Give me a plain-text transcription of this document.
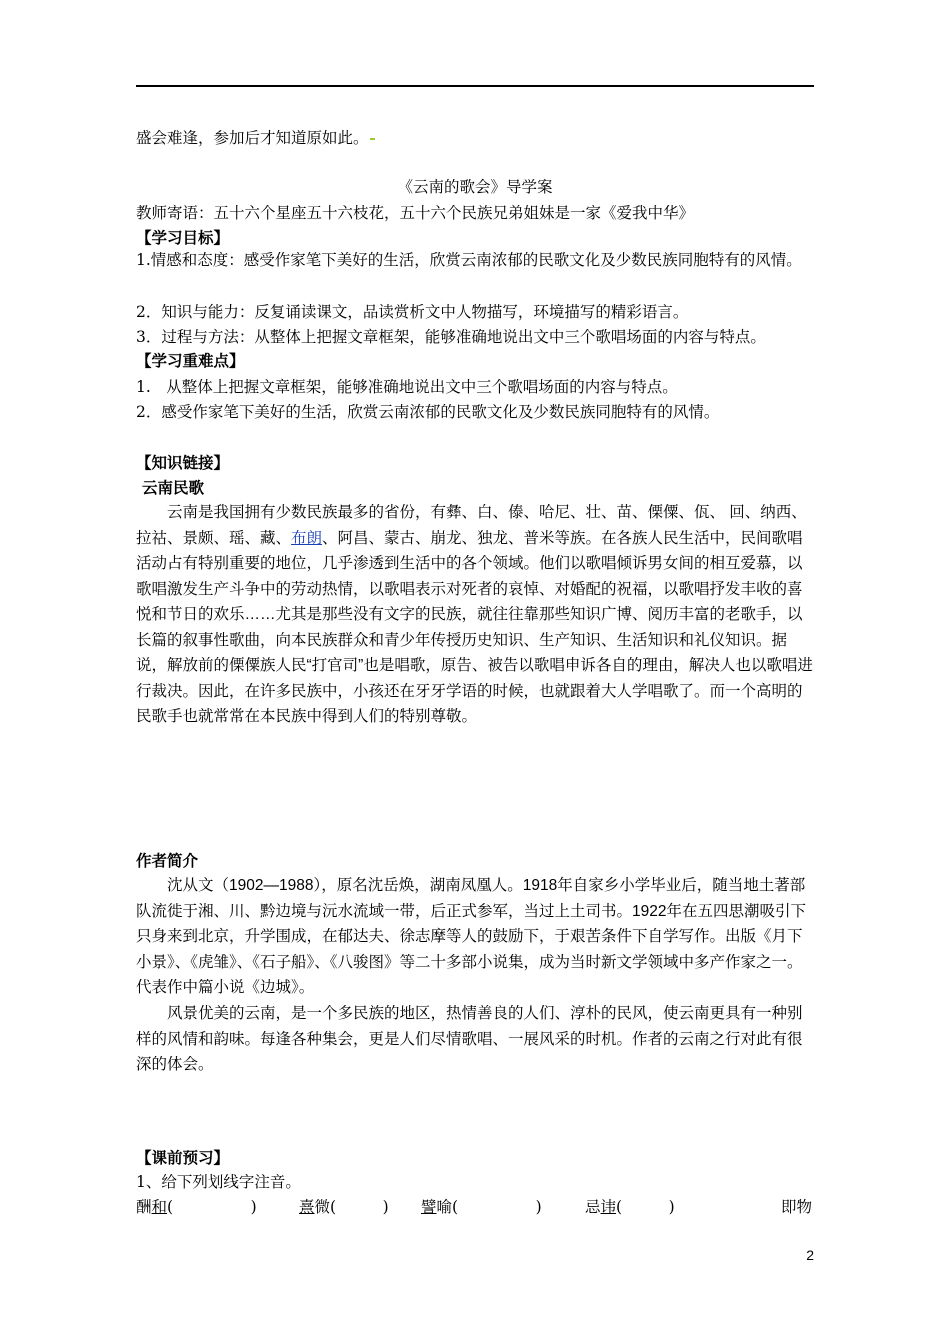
盛会难逢，参加后才知道原如此。
《云南的歌会》导学案
教师寄语：五十六个星座五十六枝花，五十六个民族兄弟姐妹是一家《爱我中华》
【学习目标】
1.情感和态度：感受作家笔下美好的生活，欣赏云南浓郁的民歌文化及少数民族同胞特有的风情。
2．知识与能力：反复诵读课文，品读赏析文中人物描写，环境描写的精彩语言。
3．过程与方法：从整体上把握文章框架，能够准确地说出文中三个歌唱场面的内容与特点。
【学习重难点】
1.　从整体上把握文章框架，能够准确地说出文中三个歌唱场面的内容与特点。
2．感受作家笔下美好的生活，欣赏云南浓郁的民歌文化及少数民族同胞特有的风情。
【知识链接】
云南民歌
云南是我国拥有少数民族最多的省份，有彝、白、傣、哈尼、壮、苗、傈僳、佤、 回、纳西、拉祜、景颇、瑶、藏、布朗、阿昌、蒙古、崩龙、独龙、普米等族。在各族人民生活中，民间歌唱活动占有特别重要的地位，几乎渗透到生活中的各个领域。他们以歌唱倾诉男女间的相互爱慕，以歌唱激发生产斗争中的劳动热情，以歌唱表示对死者的哀悼、对婚配的祝福，以歌唱抒发丰收的喜悦和节日的欢乐……尤其是那些没有文字的民族，就往往靠那些知识广博、阅历丰富的老歌手，以长篇的叙事性歌曲，向本民族群众和青少年传授历史知识、生产知识、生活知识和礼仪知识。据说，解放前的傈僳族人民“打官司”也是唱歌，原告、被告以歌唱申诉各自的理由，解决人也以歌唱进行裁决。因此，在许多民族中，小孩还在牙牙学语的时候，也就跟着大人学唱歌了。而一个高明的民歌手也就常常在本民族中得到人们的特别尊敬。
作者简介
沈从文（1902—1988），原名沈岳焕，湖南凤凰人。1918年自家乡小学毕业后，随当地土著部队流徙于湘、川、黔边境与沅水流域一带，后正式参军，当过上土司书。1922年在五四思潮吸引下只身来到北京，升学围成，在郁达夫、徐志摩等人的鼓励下，于艰苦条件下自学写作。出版《月下小景》、《虎雏》、《石子船》、《八骏图》等二十多部小说集，成为当时新文学领域中多产作家之一。代表作中篇小说《边城》。
风景优美的云南，是一个多民族的地区，热情善良的人们、淳朴的民风，使云南更具有一种别样的风情和韵味。每逢各种集会，更是人们尽情歌唱、一展风采的时机。作者的云南之行对此有很深的体会。
【课前预习】
1、给下列划线字注音。
酬和(　　　　　)	熹微(　　　) 譬喻(　　　　　)	忌讳(　　　)	即物
2
